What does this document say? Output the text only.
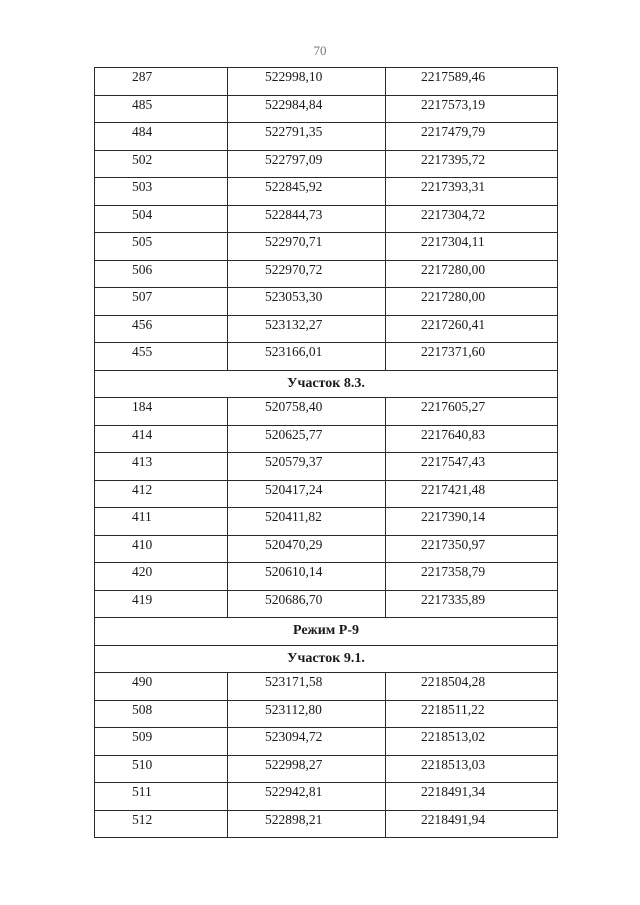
70
287	522998,10	2217589,46
485	522984,84	2217573,19
484	522791,35	2217479,79
502	522797,09	2217395,72
503	522845,92	2217393,31
504	522844,73	2217304,72
505	522970,71	2217304,11
506	522970,72	2217280,00
507	523053,30	2217280,00
456	523132,27	2217260,41
455	523166,01	2217371,60
Участок 8.3.		
184	520758,40	2217605,27
414	520625,77	2217640,83
413	520579,37	2217547,43
412	520417,24	2217421,48
411	520411,82	2217390,14
410	520470,29	2217350,97
420	520610,14	2217358,79
419	520686,70	2217335,89
Режим Р-9		
Участок 9.1.		
490	523171,58	2218504,28
508	523112,80	2218511,22
509	523094,72	2218513,02
510	522998,27	2218513,03
511	522942,81	2218491,34
512	522898,21	2218491,94
